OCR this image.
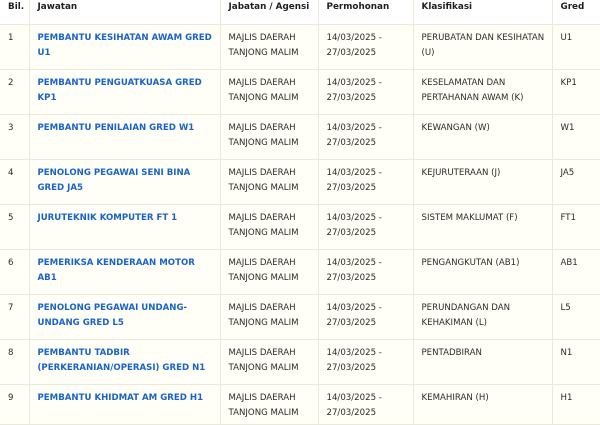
Bil.	Jawatan	Jabatan / Agensi	Permohonan	Klasifikasi	Gred

1	PEMBANTU KESIHATAN AWAM GRED U1	MAJLIS DAERAH
TANJONG MALIM	14/03/2025 -
27/03/2025	PERUBATAN DAN KESIHATAN (U)	U1

2	PEMBANTU PENGUATKUASA GRED KP1	MAJLIS DAERAH
TANJONG MALIM	14/03/2025 -
27/03/2025	KESELAMATAN DAN PERTAHANAN AWAM (K)	KP1

3	PEMBANTU PENILAIAN GRED W1	MAJLIS DAERAH
TANJONG MALIM	14/03/2025 -
27/03/2025	KEWANGAN (W)	W1

4	PENOLONG PEGAWAI SENI BINA GRED JA5	MAJLIS DAERAH
TANJONG MALIM	14/03/2025 -
27/03/2025	KEJURUTERAAN (J)	JA5

5	JURUTEKNIK KOMPUTER FT 1	MAJLIS DAERAH
TANJONG MALIM	14/03/2025 -
27/03/2025	SISTEM MAKLUMAT (F)	FT1

6	PEMERIKSA KENDERAAN MOTOR AB1	MAJLIS DAERAH
TANJONG MALIM	14/03/2025 -
27/03/2025	PENGANGKUTAN (AB1)	AB1

7	PENOLONG PEGAWAI UNDANG-UNDANG GRED L5	MAJLIS DAERAH
TANJONG MALIM	14/03/2025 -
27/03/2025	PERUNDANGAN DAN KEHAKIMAN (L)	L5

8	PEMBANTU TADBIR (PERKERANIAN/OPERASI) GRED N1	MAJLIS DAERAH
TANJONG MALIM	14/03/2025 -
27/03/2025	PENTADBIRAN	N1

9	PEMBANTU KHIDMAT AM GRED H1	MAJLIS DAERAH
TANJONG MALIM	14/03/2025 -
27/03/2025	KEMAHIRAN (H)	H1
